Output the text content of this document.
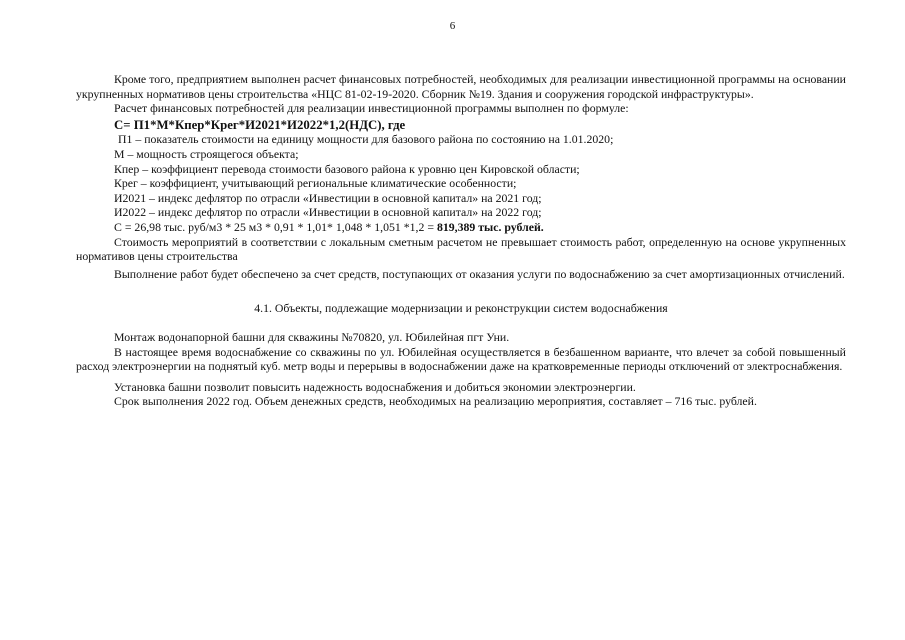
6

Кроме того, предприятием выполнен расчет финансовых потребностей, необходимых для реализации инвестиционной программы на основании укрупненных нормативов цены строительства «НЦС 81-02-19-2020. Сборник №19. Здания и сооружения городской инфраструктуры».

Расчет финансовых потребностей для реализации инвестиционной программы выполнен по формуле:

С= П1*М*Кпер*Крег*И2021*И2022*1,2(НДС), где

П1 – показатель стоимости на единицу мощности для базового района по состоянию на 1.01.2020;

М – мощность строящегося объекта;

Кпер – коэффициент перевода стоимости базового района к уровню цен Кировской области;

Крег – коэффициент, учитывающий региональные климатические особенности;

И2021 – индекс дефлятор по отрасли «Инвестиции в основной капитал» на 2021 год;

И2022 – индекс дефлятор по отрасли «Инвестиции в основной капитал» на 2022 год;

С = 26,98 тыс. руб/м3 * 25 м3 * 0,91 * 1,01* 1,048 * 1,051 *1,2 = 819,389 тыс. рублей.

Стоимость мероприятий в соответствии с локальным сметным расчетом не превышает стоимость работ, определенную на основе укрупненных нормативов цены строительства

Выполнение работ будет обеспечено за счет средств, поступающих от оказания услуги по водоснабжению за счет амортизационных отчислений.

4.1. Объекты, подлежащие модернизации и реконструкции систем водоснабжения

Монтаж водонапорной башни для скважины №70820, ул. Юбилейная пгт Уни.

В настоящее время водоснабжение со скважины по ул. Юбилейная осуществляется в безбашенном варианте, что влечет за собой повышенный расход электроэнергии на поднятый куб. метр воды и перерывы в водоснабжении даже на кратковременные периоды отключений от электроснабжения.

Установка башни позволит повысить надежность водоснабжения и добиться экономии электроэнергии.

Срок выполнения 2022 год. Объем денежных средств, необходимых на реализацию мероприятия, составляет – 716 тыс. рублей.
